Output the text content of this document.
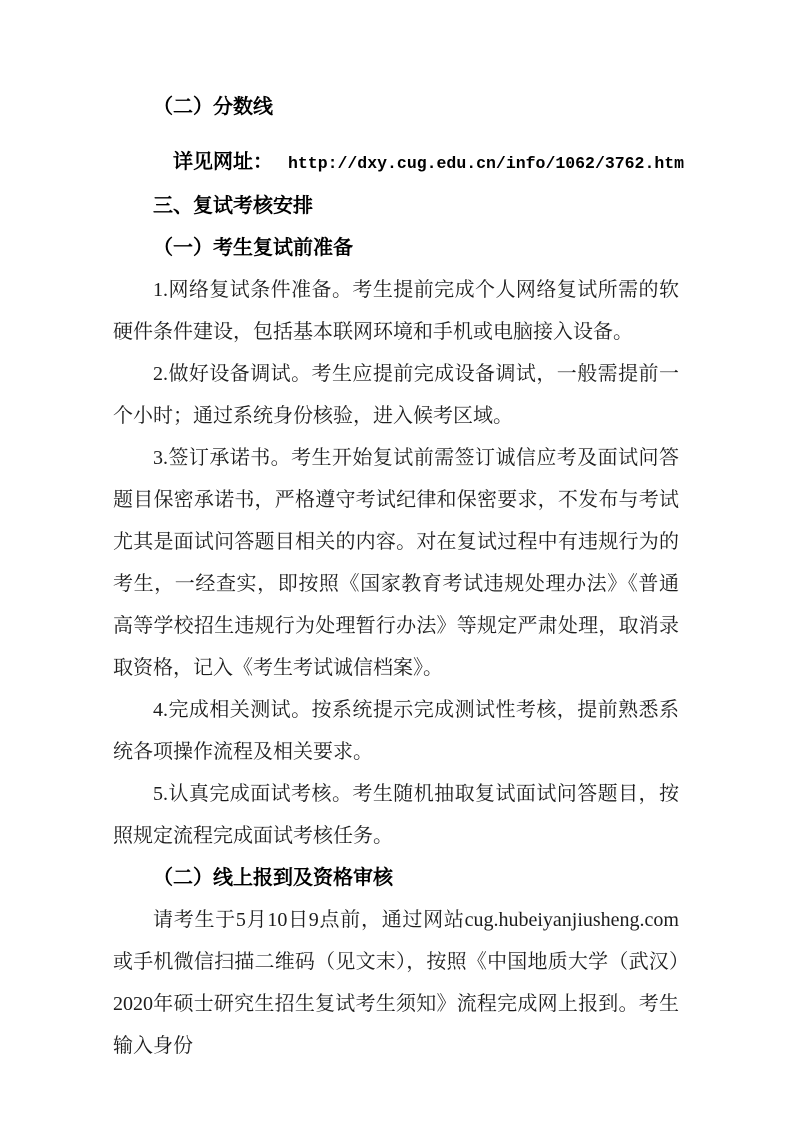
（二）分数线

详见网址： http://dxy.cug.edu.cn/info/1062/3762.htm

三、复试考核安排

（一）考生复试前准备

1.网络复试条件准备。考生提前完成个人网络复试所需的软硬件条件建设，包括基本联网环境和手机或电脑接入设备。

2.做好设备调试。考生应提前完成设备调试，一般需提前一个小时；通过系统身份核验，进入候考区域。

3.签订承诺书。考生开始复试前需签订诚信应考及面试问答题目保密承诺书，严格遵守考试纪律和保密要求，不发布与考试尤其是面试问答题目相关的内容。对在复试过程中有违规行为的考生，一经查实，即按照《国家教育考试违规处理办法》《普通高等学校招生违规行为处理暂行办法》等规定严肃处理，取消录取资格，记入《考生考试诚信档案》。

4.完成相关测试。按系统提示完成测试性考核，提前熟悉系统各项操作流程及相关要求。

5.认真完成面试考核。考生随机抽取复试面试问答题目，按照规定流程完成面试考核任务。

（二）线上报到及资格审核

请考生于5月10日9点前，通过网站cug.hubeiyanjiusheng.com或手机微信扫描二维码（见文末），按照《中国地质大学（武汉）2020年硕士研究生招生复试考生须知》流程完成网上报到。考生输入身份
